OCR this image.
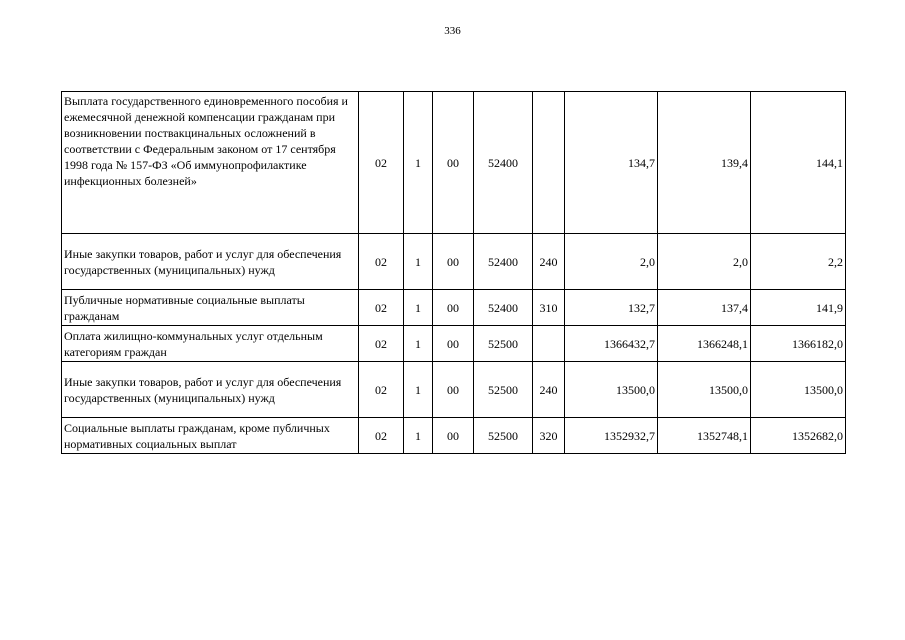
336
Выплата государственного единовременного пособия и ежемесячной денежной компенсации гражданам при возникновении поствакцинальных осложнений в соответствии с Федеральным законом от 17 сентября 1998 года № 157-ФЗ «Об иммунопрофилактике инфекционных болезней»	02	1	00	52400		134,7	139,4	144,1
Иные закупки товаров, работ и услуг для обеспечения государственных (муниципальных) нужд	02	1	00	52400	240	2,0	2,0	2,2
Публичные нормативные социальные выплаты гражданам	02	1	00	52400	310	132,7	137,4	141,9
Оплата жилищно-коммунальных услуг отдельным категориям граждан	02	1	00	52500		1366432,7	1366248,1	1366182,0
Иные закупки товаров, работ и услуг для обеспечения государственных (муниципальных) нужд	02	1	00	52500	240	13500,0	13500,0	13500,0
Социальные выплаты гражданам, кроме публичных нормативных социальных выплат	02	1	00	52500	320	1352932,7	1352748,1	1352682,0
